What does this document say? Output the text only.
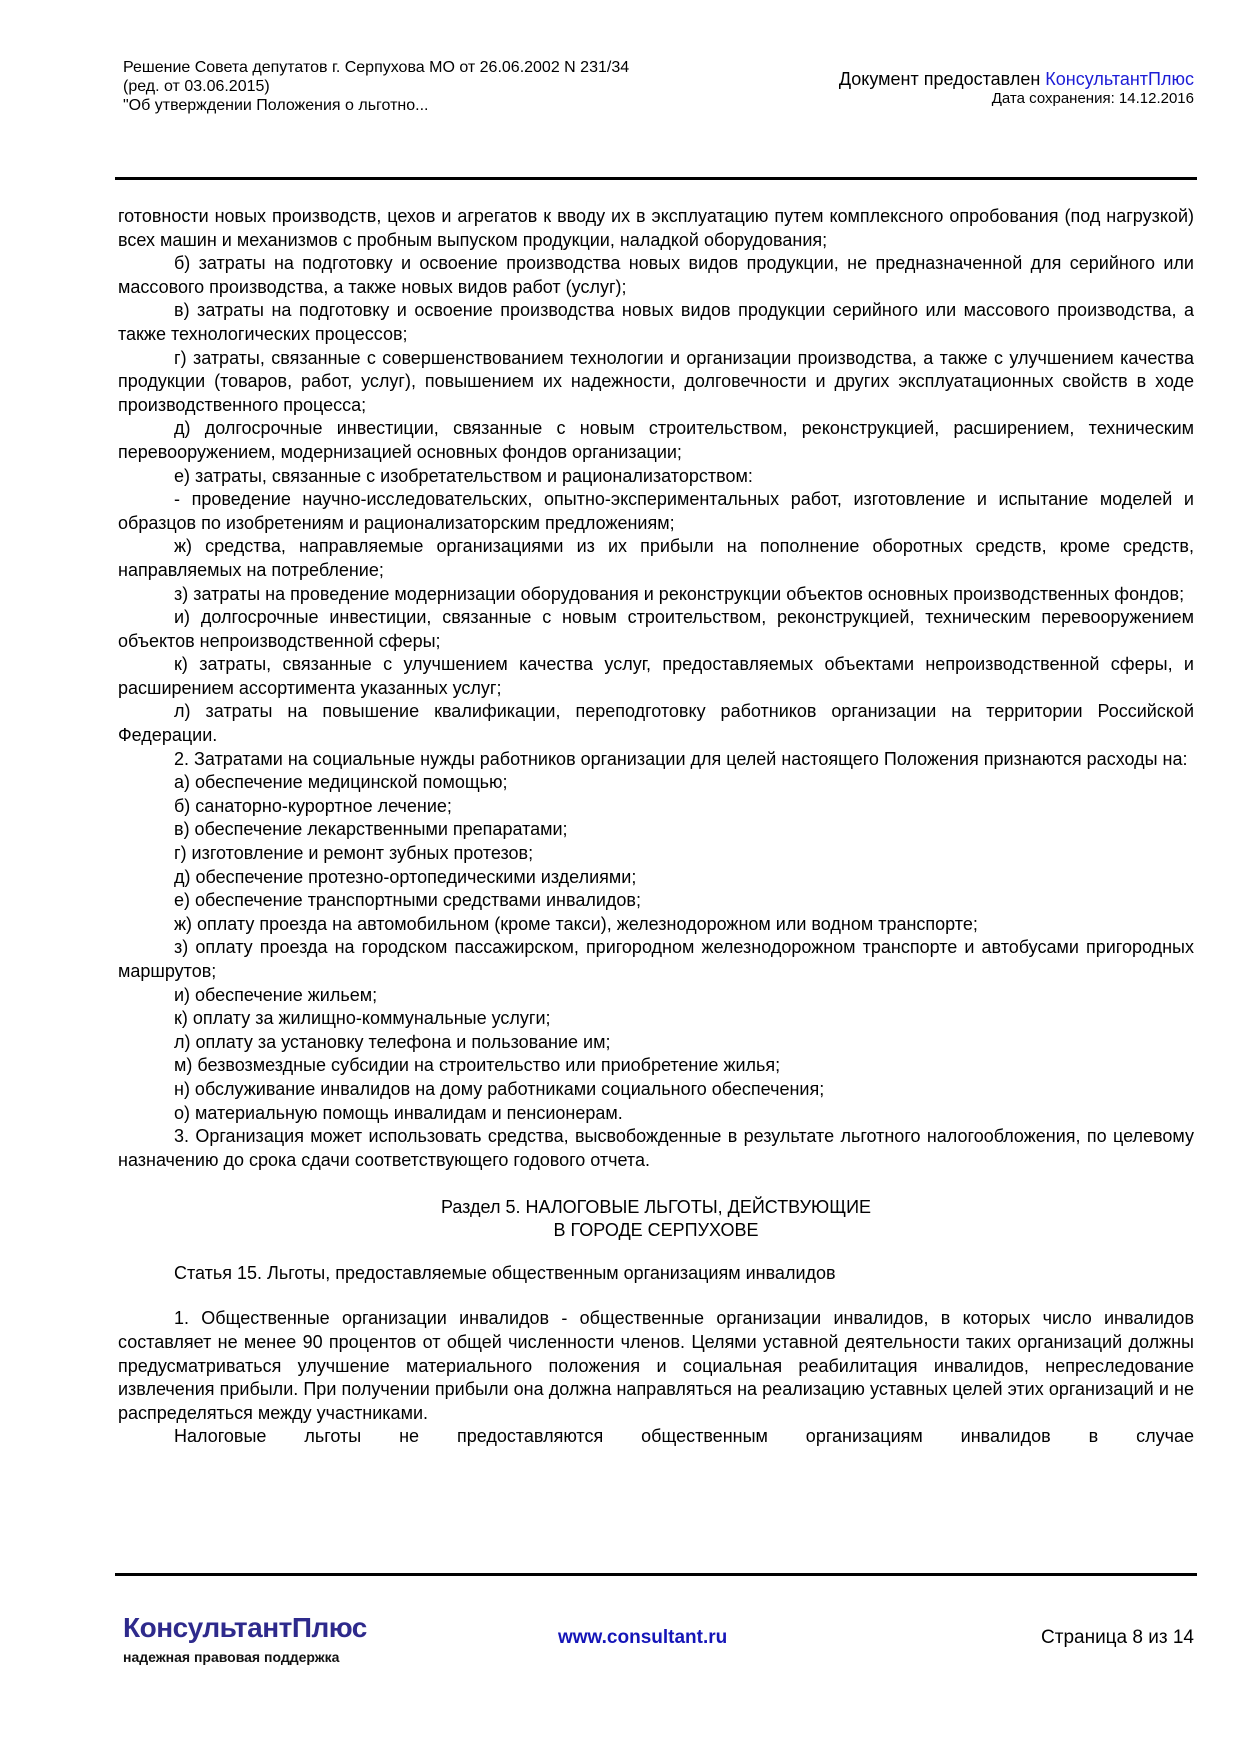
Решение Совета депутатов г. Серпухова МО от 26.06.2002 N 231/34
(ред. от 03.06.2015)
"Об утверждении Положения о льготно...
Документ предоставлен КонсультантПлюс
Дата сохранения: 14.12.2016

готовности новых производств, цехов и агрегатов к вводу их в эксплуатацию путем комплексного опробования (под нагрузкой) всех машин и механизмов с пробным выпуском продукции, наладкой оборудования;

б) затраты на подготовку и освоение производства новых видов продукции, не предназначенной для серийного или массового производства, а также новых видов работ (услуг);

в) затраты на подготовку и освоение производства новых видов продукции серийного или массового производства, а также технологических процессов;

г) затраты, связанные с совершенствованием технологии и организации производства, а также с улучшением качества продукции (товаров, работ, услуг), повышением их надежности, долговечности и других эксплуатационных свойств в ходе производственного процесса;

д) долгосрочные инвестиции, связанные с новым строительством, реконструкцией, расширением, техническим перевооружением, модернизацией основных фондов организации;

е) затраты, связанные с изобретательством и рационализаторством:

- проведение научно-исследовательских, опытно-экспериментальных работ, изготовление и испытание моделей и образцов по изобретениям и рационализаторским предложениям;

ж) средства, направляемые организациями из их прибыли на пополнение оборотных средств, кроме средств, направляемых на потребление;

з) затраты на проведение модернизации оборудования и реконструкции объектов основных производственных фондов;

и) долгосрочные инвестиции, связанные с новым строительством, реконструкцией, техническим перевооружением объектов непроизводственной сферы;

к) затраты, связанные с улучшением качества услуг, предоставляемых объектами непроизводственной сферы, и расширением ассортимента указанных услуг;

л) затраты на повышение квалификации, переподготовку работников организации на территории Российской Федерации.

2. Затратами на социальные нужды работников организации для целей настоящего Положения признаются расходы на:

а) обеспечение медицинской помощью;

б) санаторно-курортное лечение;

в) обеспечение лекарственными препаратами;

г) изготовление и ремонт зубных протезов;

д) обеспечение протезно-ортопедическими изделиями;

е) обеспечение транспортными средствами инвалидов;

ж) оплату проезда на автомобильном (кроме такси), железнодорожном или водном транспорте;

з) оплату проезда на городском пассажирском, пригородном железнодорожном транспорте и автобусами пригородных маршрутов;

и) обеспечение жильем;

к) оплату за жилищно-коммунальные услуги;

л) оплату за установку телефона и пользование им;

м) безвозмездные субсидии на строительство или приобретение жилья;

н) обслуживание инвалидов на дому работниками социального обеспечения;

о) материальную помощь инвалидам и пенсионерам.

3. Организация может использовать средства, высвобожденные в результате льготного налогообложения, по целевому назначению до срока сдачи соответствующего годового отчета.

Раздел 5. НАЛОГОВЫЕ ЛЬГОТЫ, ДЕЙСТВУЮЩИЕ
В ГОРОДЕ СЕРПУХОВЕ
Статья 15. Льготы, предоставляемые общественным организациям инвалидов

1. Общественные организации инвалидов - общественные организации инвалидов, в которых число инвалидов составляет не менее 90 процентов от общей численности членов. Целями уставной деятельности таких организаций должны предусматриваться улучшение материального положения и социальная реабилитация инвалидов, непреследование извлечения прибыли. При получении прибыли она должна направляться на реализацию уставных целей этих организаций и не распределяться между участниками.

Налоговые льготы не предоставляются общественным организациям инвалидов в случае

КонсультантПлюс
надежная правовая поддержка
www.consultant.ru	Страница 8 из 14
